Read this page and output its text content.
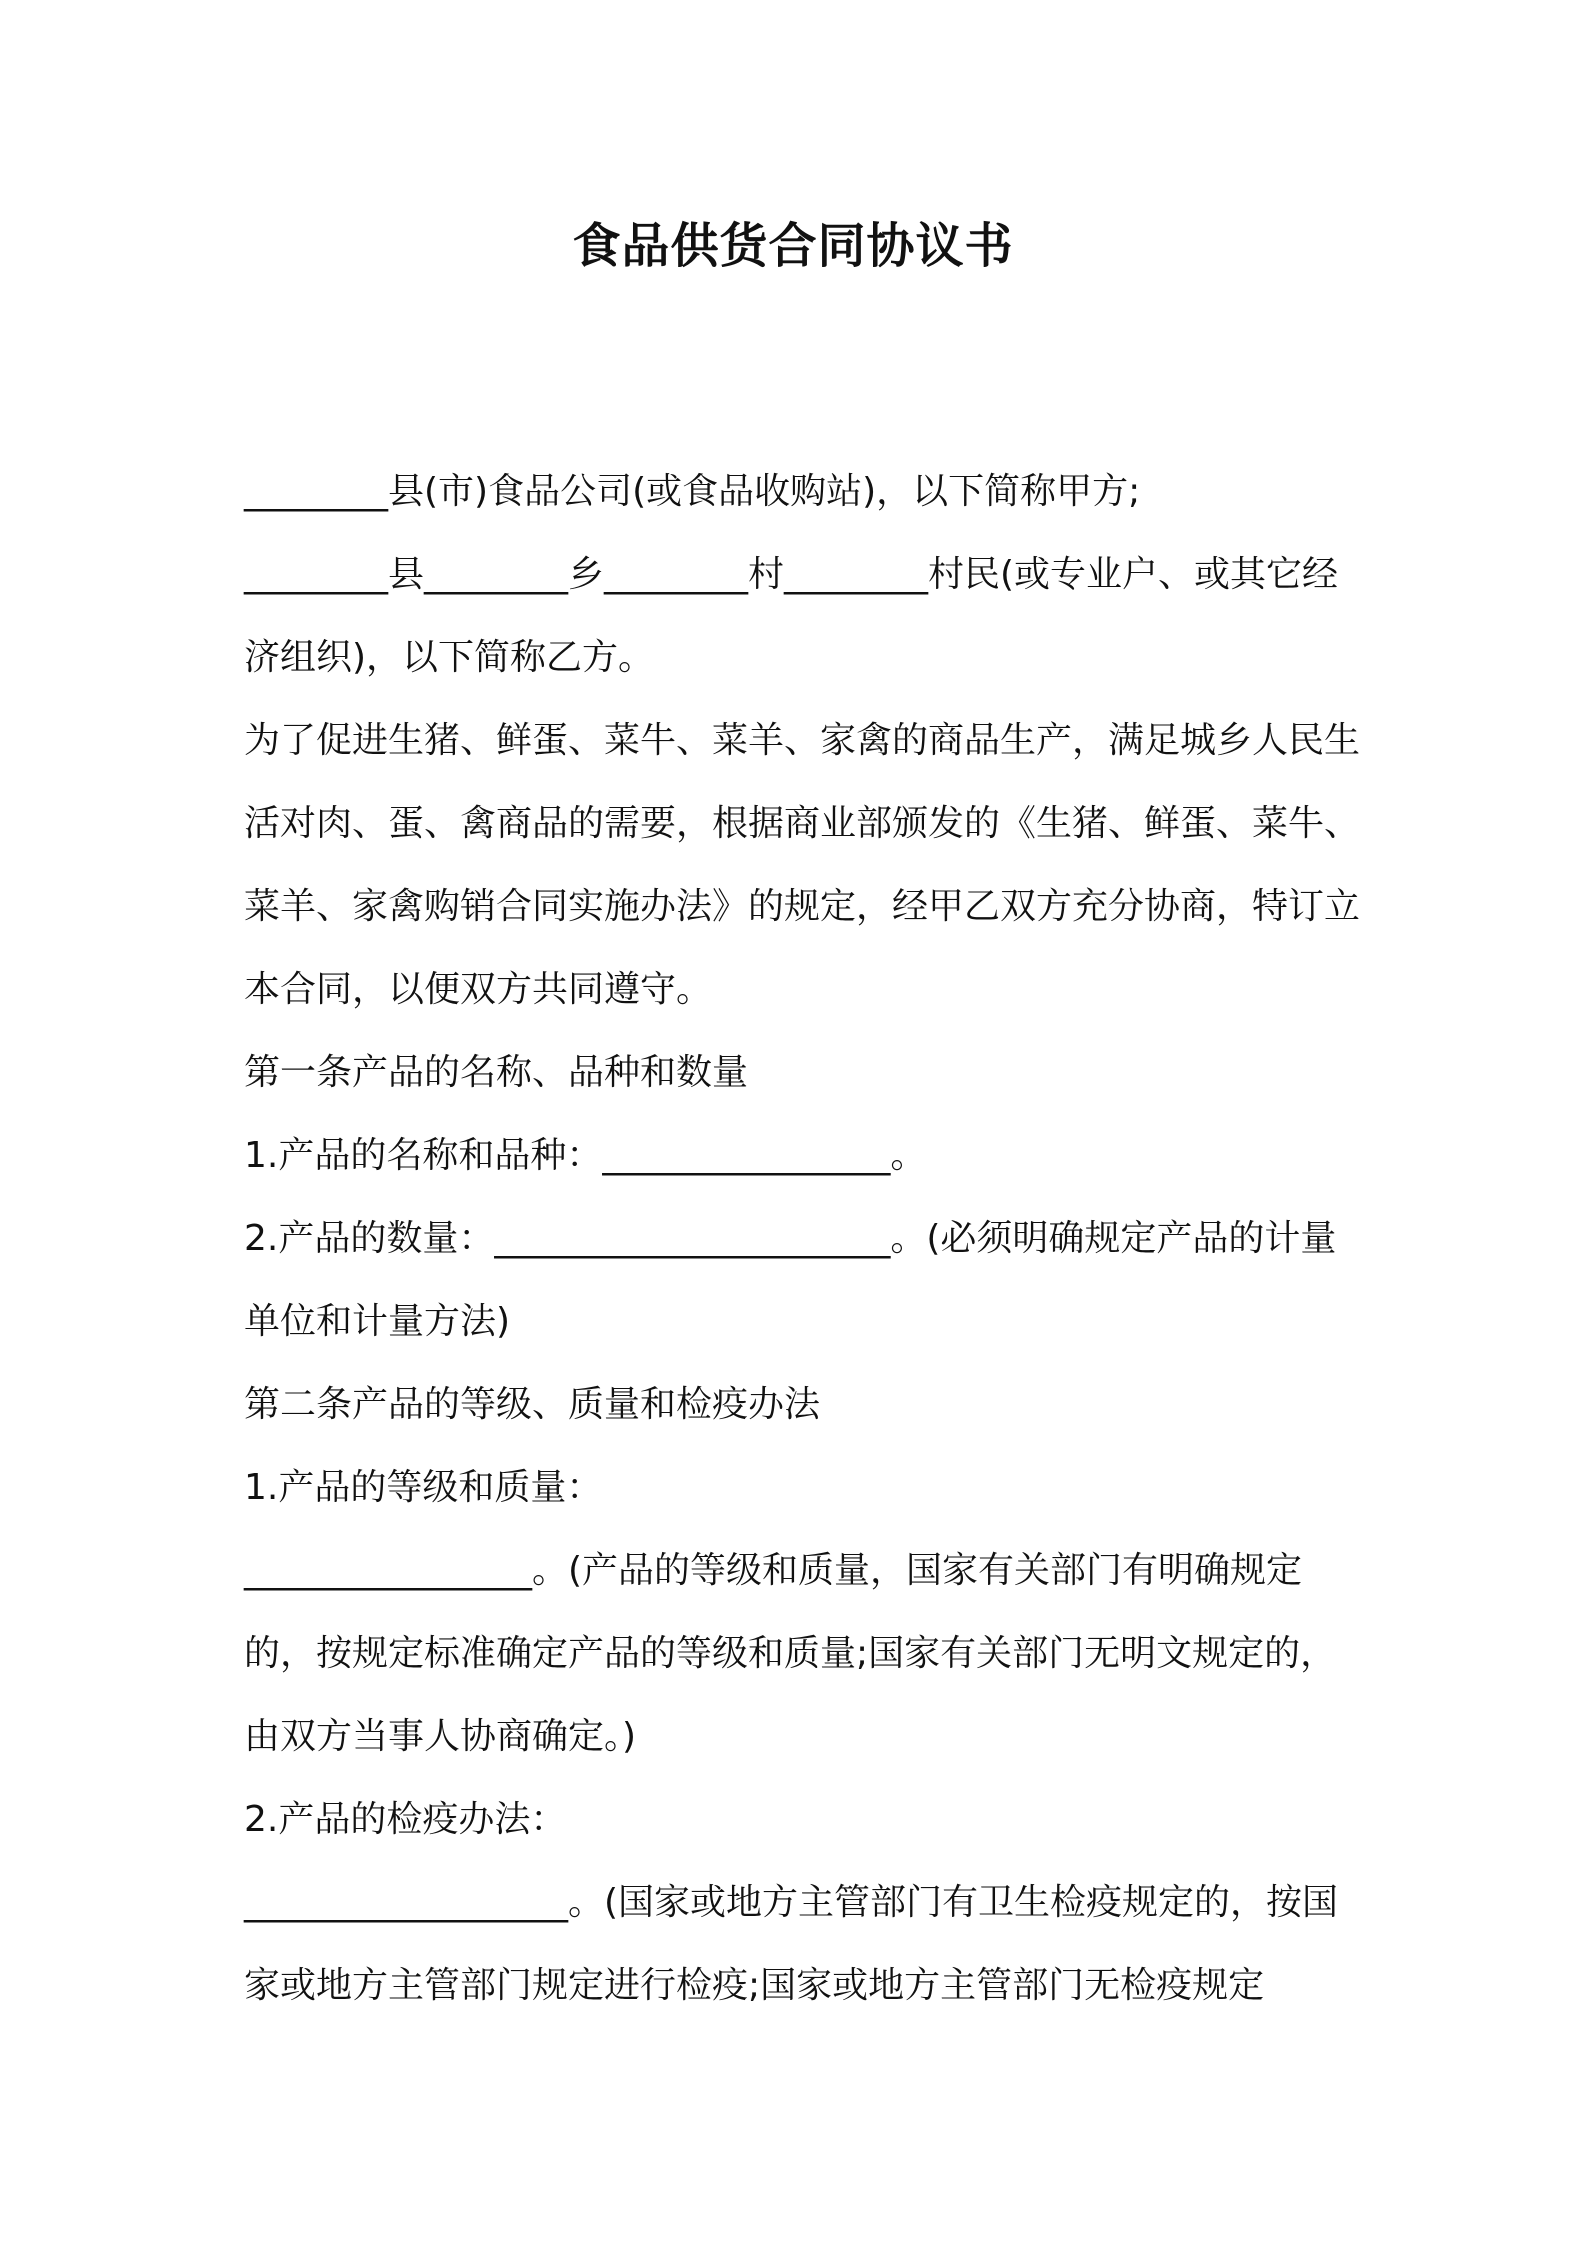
食品供货合同协议书

________县(市)食品公司(或食品收购站)，以下简称甲方;

________县________乡________村________村民(或专业户、或其它经济组织)，以下简称乙方。

为了促进生猪、鲜蛋、菜牛、菜羊、家禽的商品生产，满足城乡人民生活对肉、蛋、禽商品的需要，根据商业部颁发的《生猪、鲜蛋、菜牛、菜羊、家禽购销合同实施办法》的规定，经甲乙双方充分协商，特订立本合同，以便双方共同遵守。

第一条产品的名称、品种和数量

1.产品的名称和品种：________________。

2.产品的数量：______________________。(必须明确规定产品的计量单位和计量方法)

第二条产品的等级、质量和检疫办法

1.产品的等级和质量：

________________。(产品的等级和质量，国家有关部门有明确规定的，按规定标准确定产品的等级和质量;国家有关部门无明文规定的，由双方当事人协商确定。)

2.产品的检疫办法：

__________________。(国家或地方主管部门有卫生检疫规定的，按国家或地方主管部门规定进行检疫;国家或地方主管部门无检疫规定
